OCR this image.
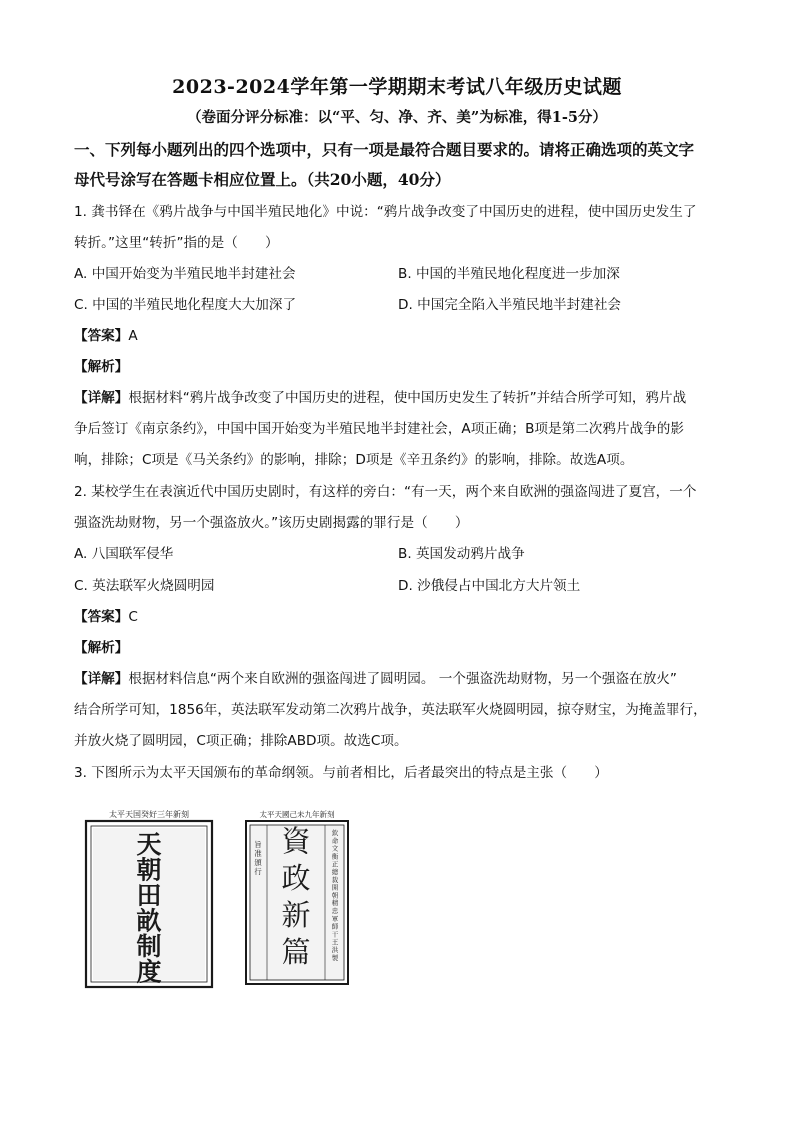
2023-2024学年第一学期期末考试八年级历史试题
（卷面分评分标准：以“平、匀、净、齐、美”为标准，得1-5分）
一、下列每小题列出的四个选项中，只有一项是最符合题目要求的。请将正确选项的英文字
母代号涂写在答题卡相应位置上。（共20小题，40分）
1. 龚书铎在《鸦片战争与中国半殖民地化》中说：“鸦片战争改变了中国历史的进程，使中国历史发生了
转折。”这里“转折”指的是（　　）
A. 中国开始变为半殖民地半封建社会	B. 中国的半殖民地化程度进一步加深
C. 中国的半殖民地化程度大大加深了	D. 中国完全陷入半殖民地半封建社会
【答案】A
【解析】
【详解】根据材料“鸦片战争改变了中国历史的进程，使中国历史发生了转折”并结合所学可知，鸦片战
争后签订《南京条约》，中国中国开始变为半殖民地半封建社会，A项正确；B项是第二次鸦片战争的影
响，排除；C项是《马关条约》的影响，排除；D项是《辛丑条约》的影响，排除。故选A项。
2. 某校学生在表演近代中国历史剧时，有这样的旁白：“有一天，两个来自欧洲的强盗闯进了夏宫，一个
强盗洗劫财物，另一个强盗放火。”该历史剧揭露的罪行是（　　）
A. 八国联军侵华	B. 英国发动鸦片战争
C. 英法联军火烧圆明园	D. 沙俄侵占中国北方大片领土
【答案】C
【解析】
【详解】根据材料信息“两个来自欧洲的强盗闯进了圆明园。 一个强盗洗劫财物，另一个强盗在放火”
结合所学可知，1856年，英法联军发动第二次鸦片战争，英法联军火烧圆明园，掠夺财宝，为掩盖罪行，
并放火烧了圆明园，C项正确；排除ABD项。故选C项。
3. 下图所示为太平天国颁布的革命纲领。与前者相比，后者最突出的特点是主张（　　）
太平天国癸好三年新刻
天
朝
田
畝
制
度
太平天國己未九年新刻
旨
准
頒
行
資
政
新
篇
欽
命
文
衡
正
總
裁
開
朝
精
忠
軍
師
干
王
洪
製
